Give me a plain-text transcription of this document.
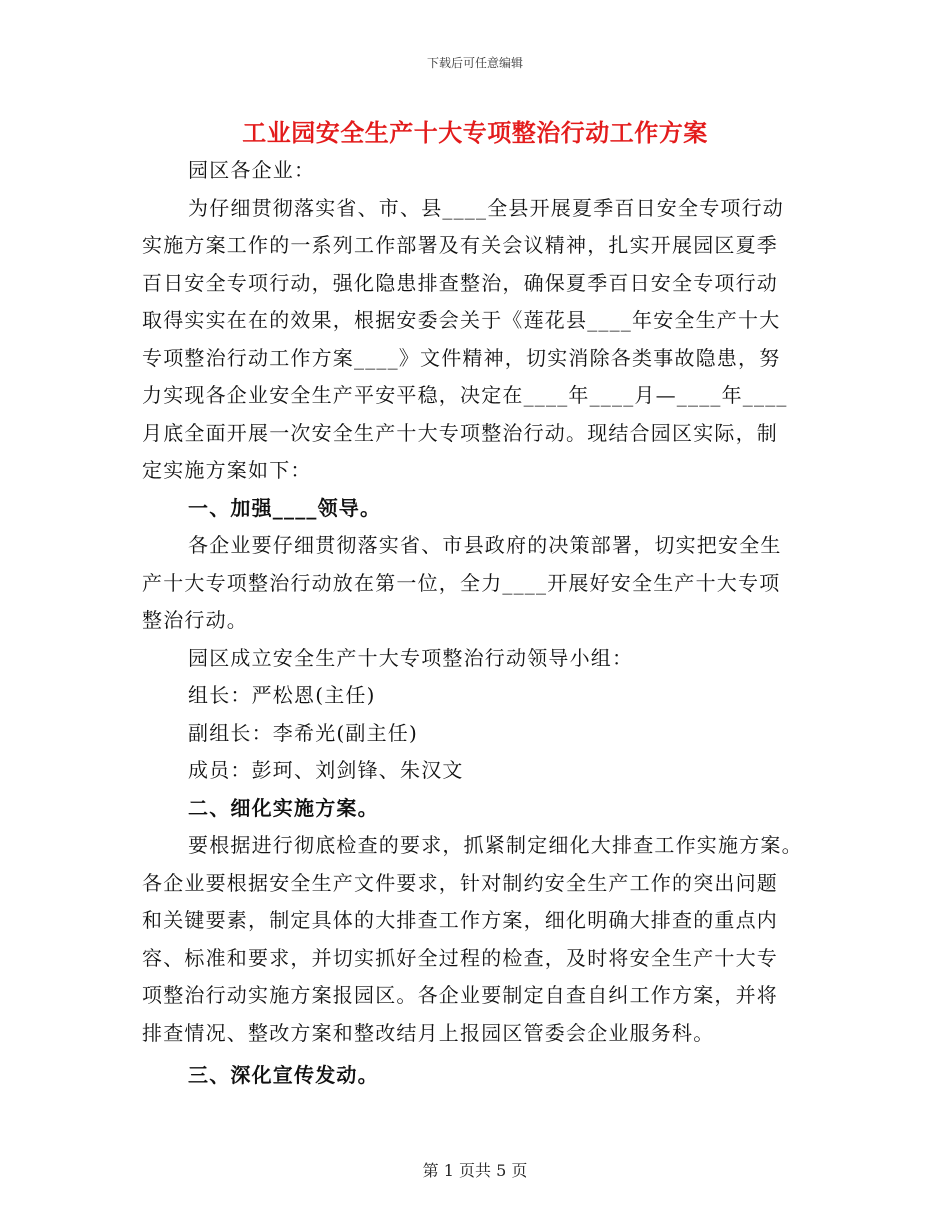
下载后可任意编辑
工业园安全生产十大专项整治行动工作方案
园区各企业：
为仔细贯彻落实省、市、县____全县开展夏季百日安全专项行动
实施方案工作的一系列工作部署及有关会议精神，扎实开展园区夏季
百日安全专项行动，强化隐患排查整治，确保夏季百日安全专项行动
取得实实在在的效果，根据安委会关于《莲花县____年安全生产十大
专项整治行动工作方案____》文件精神，切实消除各类事故隐患，努
力实现各企业安全生产平安平稳，决定在____年____月—____年____
月底全面开展一次安全生产十大专项整治行动。现结合园区实际，制
定实施方案如下：
一、加强____领导。
各企业要仔细贯彻落实省、市县政府的决策部署，切实把安全生
产十大专项整治行动放在第一位，全力____开展好安全生产十大专项
整治行动。
园区成立安全生产十大专项整治行动领导小组：
组长：严松恩(主任)
副组长：李希光(副主任)
成员：彭珂、刘剑锋、朱汉文
二、细化实施方案。
要根据进行彻底检查的要求，抓紧制定细化大排查工作实施方案。
各企业要根据安全生产文件要求，针对制约安全生产工作的突出问题
和关键要素，制定具体的大排查工作方案，细化明确大排查的重点内
容、标准和要求，并切实抓好全过程的检查，及时将安全生产十大专
项整治行动实施方案报园区。各企业要制定自查自纠工作方案，并将
排查情况、整改方案和整改结月上报园区管委会企业服务科。
三、深化宣传发动。
第 1 页共 5 页
